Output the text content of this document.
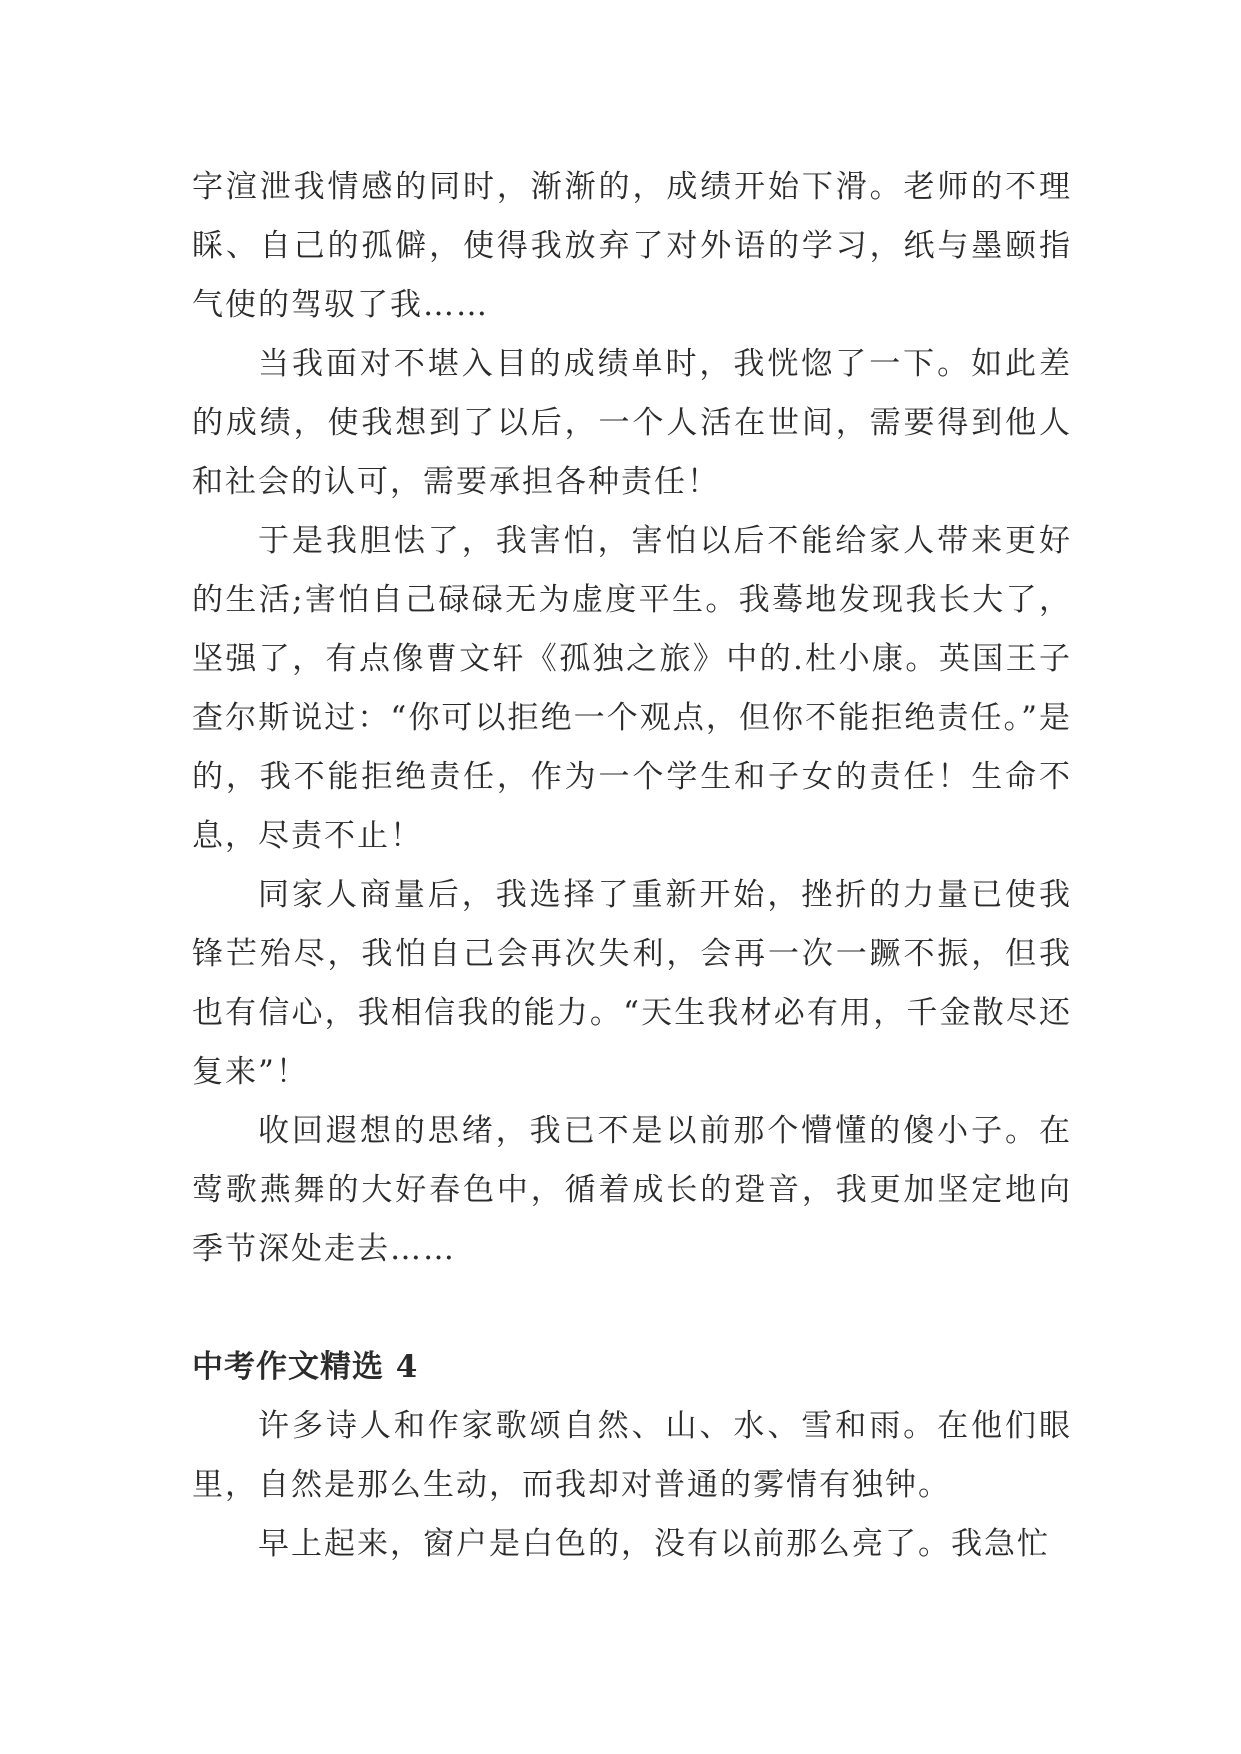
字渲泄我情感的同时，渐渐的，成绩开始下滑。老师的不理睬、自己的孤僻，使得我放弃了对外语的学习，纸与墨颐指气使的驾驭了我……

当我面对不堪入目的成绩单时，我恍惚了一下。如此差的成绩，使我想到了以后，一个人活在世间，需要得到他人和社会的认可，需要承担各种责任！

于是我胆怯了，我害怕，害怕以后不能给家人带来更好的生活;害怕自己碌碌无为虚度平生。我蓦地发现我长大了，坚强了，有点像曹文轩《孤独之旅》中的.杜小康。英国王子查尔斯说过：“你可以拒绝一个观点，但你不能拒绝责任。”是的，我不能拒绝责任，作为一个学生和子女的责任！生命不息，尽责不止！

同家人商量后，我选择了重新开始，挫折的力量已使我锋芒殆尽，我怕自己会再次失利，会再一次一蹶不振，但我也有信心，我相信我的能力。“天生我材必有用，千金散尽还复来”！

收回遐想的思绪，我已不是以前那个懵懂的傻小子。在莺歌燕舞的大好春色中，循着成长的跫音，我更加坚定地向季节深处走去……

中考作文精选 4

许多诗人和作家歌颂自然、山、水、雪和雨。在他们眼里，自然是那么生动，而我却对普通的雾情有独钟。

早上起来，窗户是白色的，没有以前那么亮了。我急忙
